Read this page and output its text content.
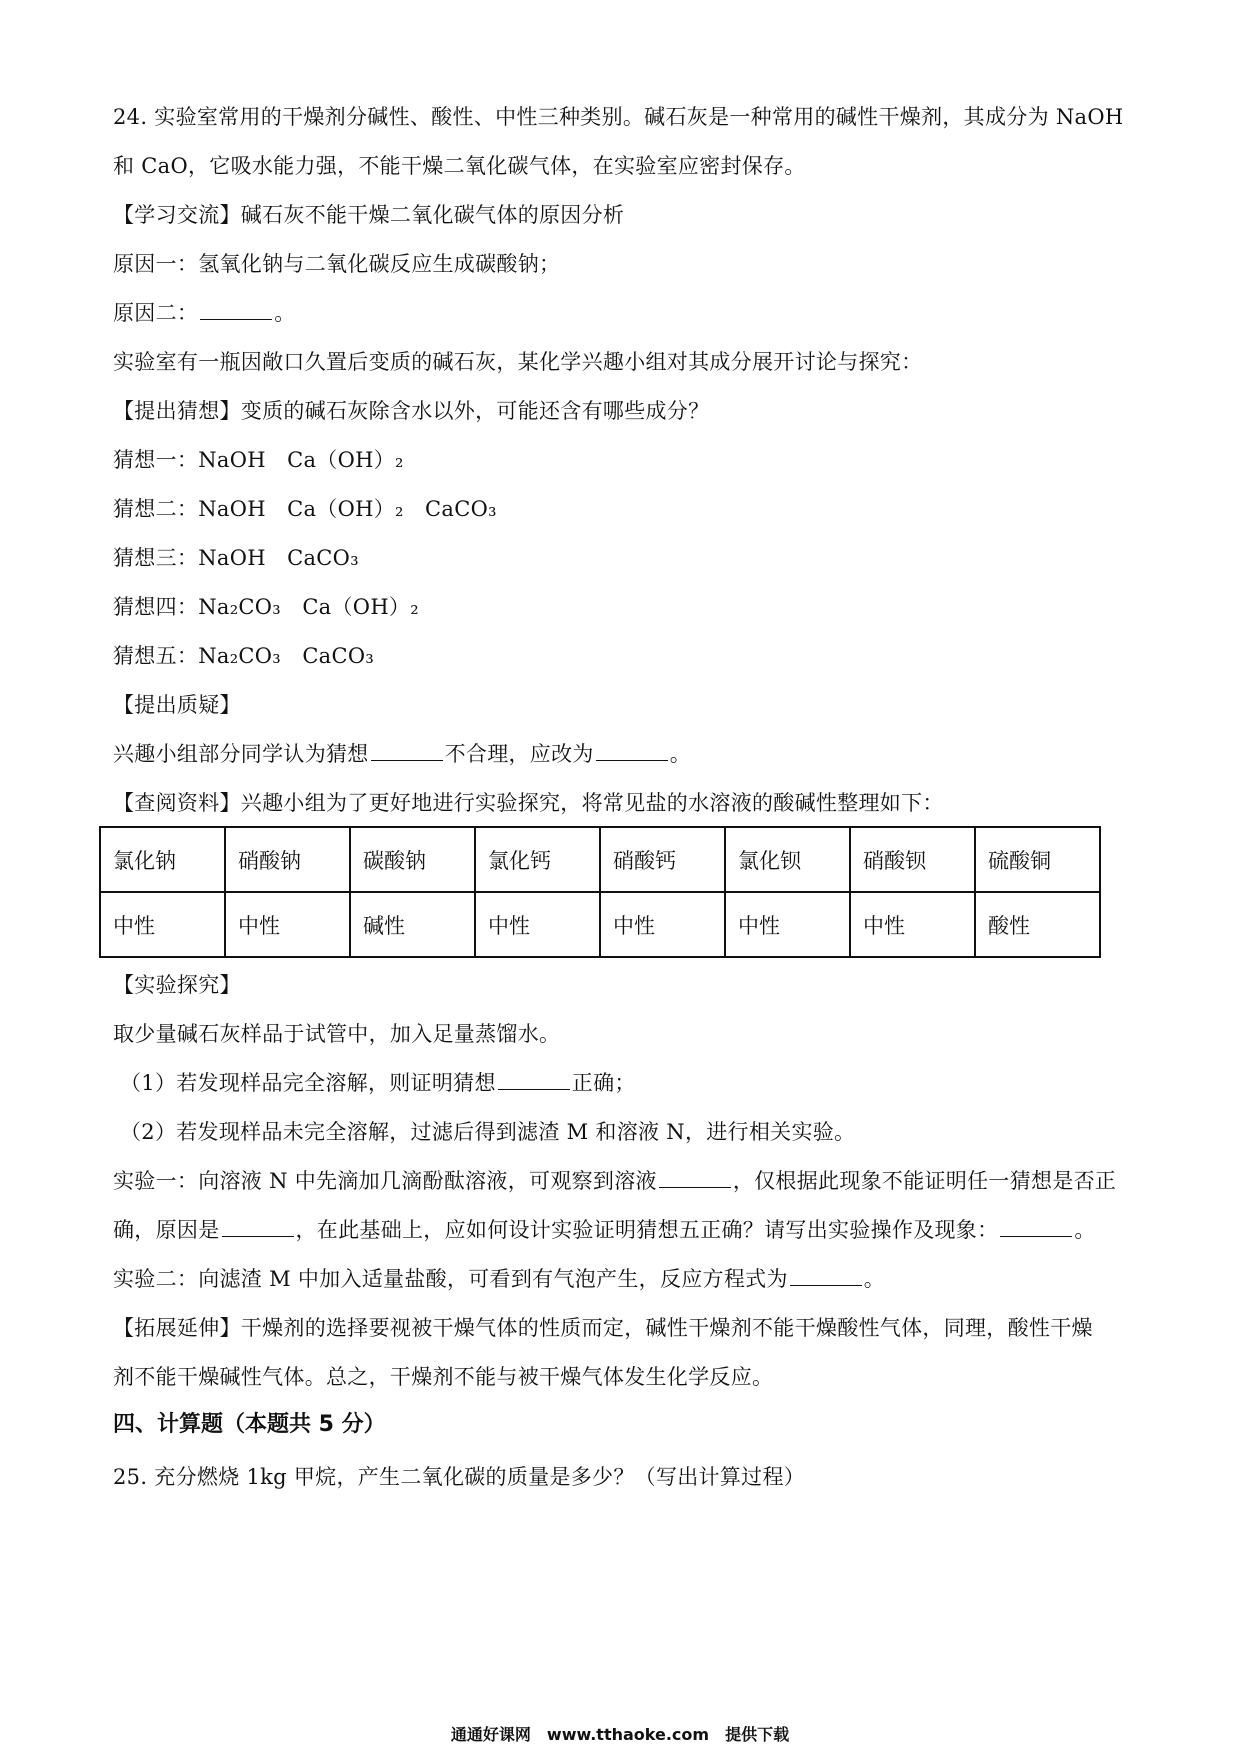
24. 实验室常用的干燥剂分碱性、酸性、中性三种类别。碱石灰是一种常用的碱性干燥剂，其成分为 NaOH
和 CaO，它吸水能力强，不能干燥二氧化碳气体，在实验室应密封保存。
【学习交流】碱石灰不能干燥二氧化碳气体的原因分析
原因一：氢氧化钠与二氧化碳反应生成碳酸钠；
原因二：	。
实验室有一瓶因敞口久置后变质的碱石灰，某化学兴趣小组对其成分展开讨论与探究：
【提出猜想】变质的碱石灰除含水以外，可能还含有哪些成分？
猜想一：NaOH　Ca（OH）₂
猜想二：NaOH　Ca（OH）₂　CaCO₃
猜想三：NaOH　CaCO₃
猜想四：Na₂CO₃　Ca（OH）₂
猜想五：Na₂CO₃　CaCO₃
【提出质疑】
兴趣小组部分同学认为猜想	不合理，应改为	。
【查阅资料】兴趣小组为了更好地进行实验探究，将常见盐的水溶液的酸碱性整理如下：
氯化钠	硝酸钠	碳酸钠	氯化钙	硝酸钙	氯化钡	硝酸钡	硫酸铜
中性	中性	碱性	中性	中性	中性	中性	酸性
【实验探究】
取少量碱石灰样品于试管中，加入足量蒸馏水。
（1）若发现样品完全溶解，则证明猜想	正确；
（2）若发现样品未完全溶解，过滤后得到滤渣 M 和溶液 N，进行相关实验。
实验一：向溶液 N 中先滴加几滴酚酞溶液，可观察到溶液	，仅根据此现象不能证明任一猜想是否正
确，原因是	，在此基础上，应如何设计实验证明猜想五正确？请写出实验操作及现象：	。
实验二：向滤渣 M 中加入适量盐酸，可看到有气泡产生，反应方程式为	。
【拓展延伸】干燥剂的选择要视被干燥气体的性质而定，碱性干燥剂不能干燥酸性气体，同理，酸性干燥
剂不能干燥碱性气体。总之，干燥剂不能与被干燥气体发生化学反应。
四、计算题（本题共 5 分）
25. 充分燃烧 1kg 甲烷，产生二氧化碳的质量是多少？（写出计算过程）
通通好课网　www.tthaoke.com　提供下载
